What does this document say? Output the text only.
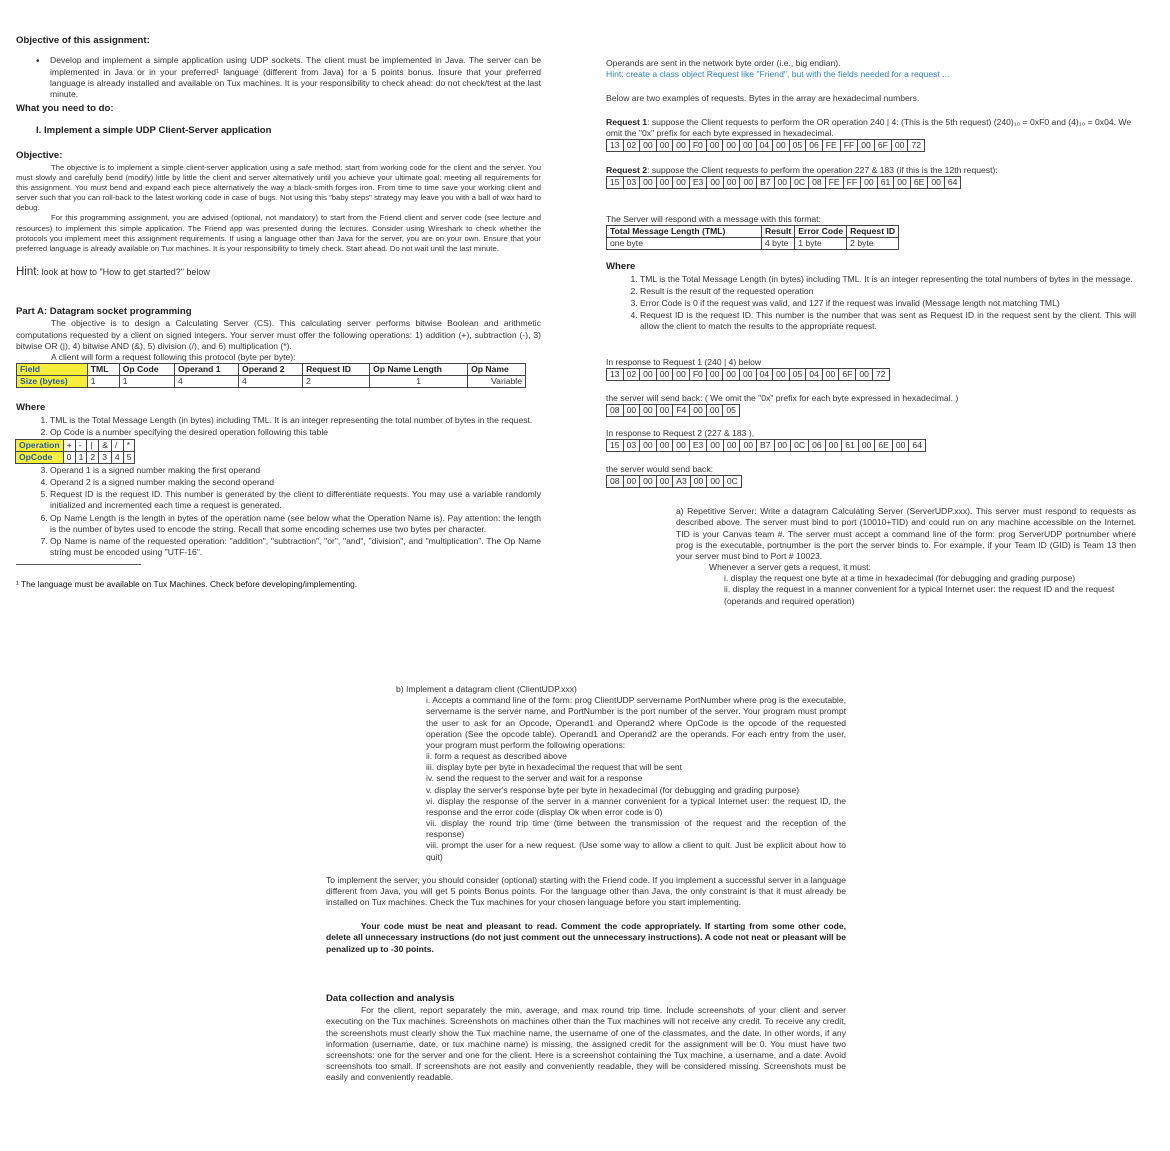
Objective of this assignment:
•	Develop and implement a simple application using UDP sockets. The client must be implemented in Java. The server can be implemented in Java or in your preferred¹ language (different from Java) for a 5 points bonus. Insure that your preferred language is already installed and available on Tux machines. It is your responsibility to check ahead: do not check/test at the last minute.

What you need to do:
I. Implement a simple UDP Client-Server application
Objective:

The objective is to implement a simple client-server application using a safe method: start from working code for the client and the server. You must slowly and carefully bend (modify) little by little the client and server alternatively until you achieve your ultimate goal: meeting all requirements for this assignment. You must bend and expand each piece alternatively the way a black-smith forges iron. From time to time save your working client and server such that you can roll-back to the latest working code in case of bugs. Not using this "baby steps" strategy may leave you with a ball of wax hard to debug.

For this programming assignment, you are advised (optional, not mandatory) to start from the Friend client and server code (see lecture and resources) to implement this simple application. The Friend app was presented during the lectures. Consider using Wireshark to check whether the protocols you implement meet this assignment requirements. If using a language other than Java for the server, you are on your own. Ensure that your preferred language is already available on Tux machines. It is your responsibility to timely check. Start ahead. Do not wait until the last minute.

Hint: look at how to "How to get started?" below

Part A: Datagram socket programming

The objective is to design a Calculating Server (CS). This calculating server performs bitwise Boolean and arithmetic computations requested by a client on signed integers. Your server must offer the following operations: 1) addition (+), subtraction (-), 3) bitwise OR (|), 4) bitwise AND (&), 5) division (/), and 6) multiplication (*).

A client will form a request following this protocol (byte per byte):

Field	TML	Op Code	Operand 1	Operand 2	Request ID	Op Name Length	Op Name
Size (bytes)	1	1	4	4	2	1	Variable
Where
1. TML is the Total Message Length (in bytes) including TML. It is an integer representing the total number of bytes in the request.
2. Op Code is a number specifying the desired operation following this table
Operation	+	-	|	&	/	*
OpCode	0	1	2	3	4	5
3. Operand 1 is a signed number making the first operand
4. Operand 2 is a signed number making the second operand
5. Request ID is the request ID. This number is generated by the client to differentiate requests. You may use a variable randomly initialized and incremented each time a request is generated.
6. Op Name Length is the length in bytes of the operation name (see below what the Operation Name is). Pay attention: the length is the number of bytes used to encode the string. Recall that some encoding schemes use two bytes per character.
7. Op Name is name of the requested operation: "addition", "subtraction", "or", "and", "division", and "multiplication". The Op Name string must be encoded using "UTF-16".

¹ The language must be available on Tux Machines. Check before developing/implementing.

Operands are sent in the network byte order (i.e., big endian).

Hint: create a class object Request like "Friend", but with the fields needed for a request ...

Below are two examples of requests. Bytes in the array are hexadecimal numbers.

Request 1: suppose the Client requests to perform the OR operation 240 | 4: (This is the 5th request) (240)₁₀ = 0xF0 and (4)₁₀ = 0x04. We omit the "0x" prefix for each byte expressed in hexadecimal.

13 02 00 00 00 F0 00 00 00 04 00 05 06 FE FF 00 6F 00 72

Request 2: suppose the Client requests to perform the operation 227 & 183 (if this is the 12th request):

15 03 00 00 00 E3 00 00 00 B7 00 0C 08 FE FF 00 61 00 6E 00 64

The Server will respond with a message with this format:

Total Message Length (TML)	Result	Error Code	Request ID
one byte	4 byte	1 byte	2 byte
Where
1. TML is the Total Message Length (in bytes) including TML. It is an integer representing the total numbers of bytes in the message.
2. Result is the result of the requested operation
3. Error Code is 0 if the request was valid, and 127 if the request was invalid (Message length not matching TML)
4. Request ID is the request ID. This number is the number that was sent as Request ID in the request sent by the client. This will allow the client to match the results to the appropriate request.

In response to Request 1 (240 | 4) below

13 02 00 00 00 F0 00 00 00 04 00 05 04 00 6F 00 72

the server will send back: ( We omit the "0x" prefix for each byte expressed in hexadecimal. )

08 00 00 00 F4 00 00 05

In response to Request 2 (227 & 183 ),

15 03 00 00 00 E3 00 00 00 B7 00 0C 06 00 61 00 6E 00 64

the server would send back:

08 00 00 00 A3 00 00 0C

a) Repetitive Server: Write a datagram Calculating Server (ServerUDP.xxx). This server must respond to requests as described above. The server must bind to port (10010+TID) and could run on any machine accessible on the Internet. TID is your Canvas team #. The server must accept a command line of the form: prog ServerUDP portnumber where prog is the executable, portnumber is the port the server binds to. For example, if your Team ID (GID) is Team 13 then your server must bind to Port # 10023.

Whenever a server gets a request, it must:

i. display the request one byte at a time in hexadecimal (for debugging and grading purpose)

ii. display the request in a manner convenient for a typical Internet user: the request ID and the request (operands and required operation)

b) Implement a datagram client (ClientUDP.xxx)

i. Accepts a command line of the form: prog ClientUDP servername PortNumber where prog is the executable, servername is the server name, and PortNumber is the port number of the server. Your program must prompt the user to ask for an Opcode, Operand1 and Operand2 where OpCode is the opcode of the requested operation (See the opcode table). Operand1 and Operand2 are the operands. For each entry from the user, your program must perform the following operations:

ii. form a request as described above

iii. display byte per byte in hexadecimal the request that will be sent

iv. send the request to the server and wait for a response

v. display the server's response byte per byte in hexadecimal (for debugging and grading purpose)

vi. display the response of the server in a manner convenient for a typical Internet user: the request ID, the response and the error code (display Ok when error code is 0)

vii. display the round trip time (time between the transmission of the request and the reception of the response)

viii. prompt the user for a new request. (Use some way to allow a client to quit. Just be explicit about how to quit)

To implement the server, you should consider (optional) starting with the Friend code. If you implement a successful server in a language different from Java, you will get 5 points Bonus points. For the language other than Java, the only constraint is that it must already be installed on Tux machines. Check the Tux machines for your chosen language before you start implementing.

Your code must be neat and pleasant to read. Comment the code appropriately. If starting from some other code, delete all unnecessary instructions (do not just comment out the unnecessary instructions). A code not neat or pleasant will be penalized up to -30 points.

Data collection and analysis

For the client, report separately the min, average, and max round trip time. Include screenshots of your client and server executing on the Tux machines. Screenshots on machines other than the Tux machines will not receive any credit. To receive any credit, the screenshots must clearly show the Tux machine name, the username of one of the classmates, and the date. In other words, if any information (username, date, or tux machine name) is missing, the assigned credit for the assignment will be 0. You must have two screenshots: one for the server and one for the client. Here is a screenshot containing the Tux machine, a username, and a date. Avoid screenshots too small. If screenshots are not easily and conveniently readable, they will be considered missing. Screenshots must be easily and conveniently readable.
